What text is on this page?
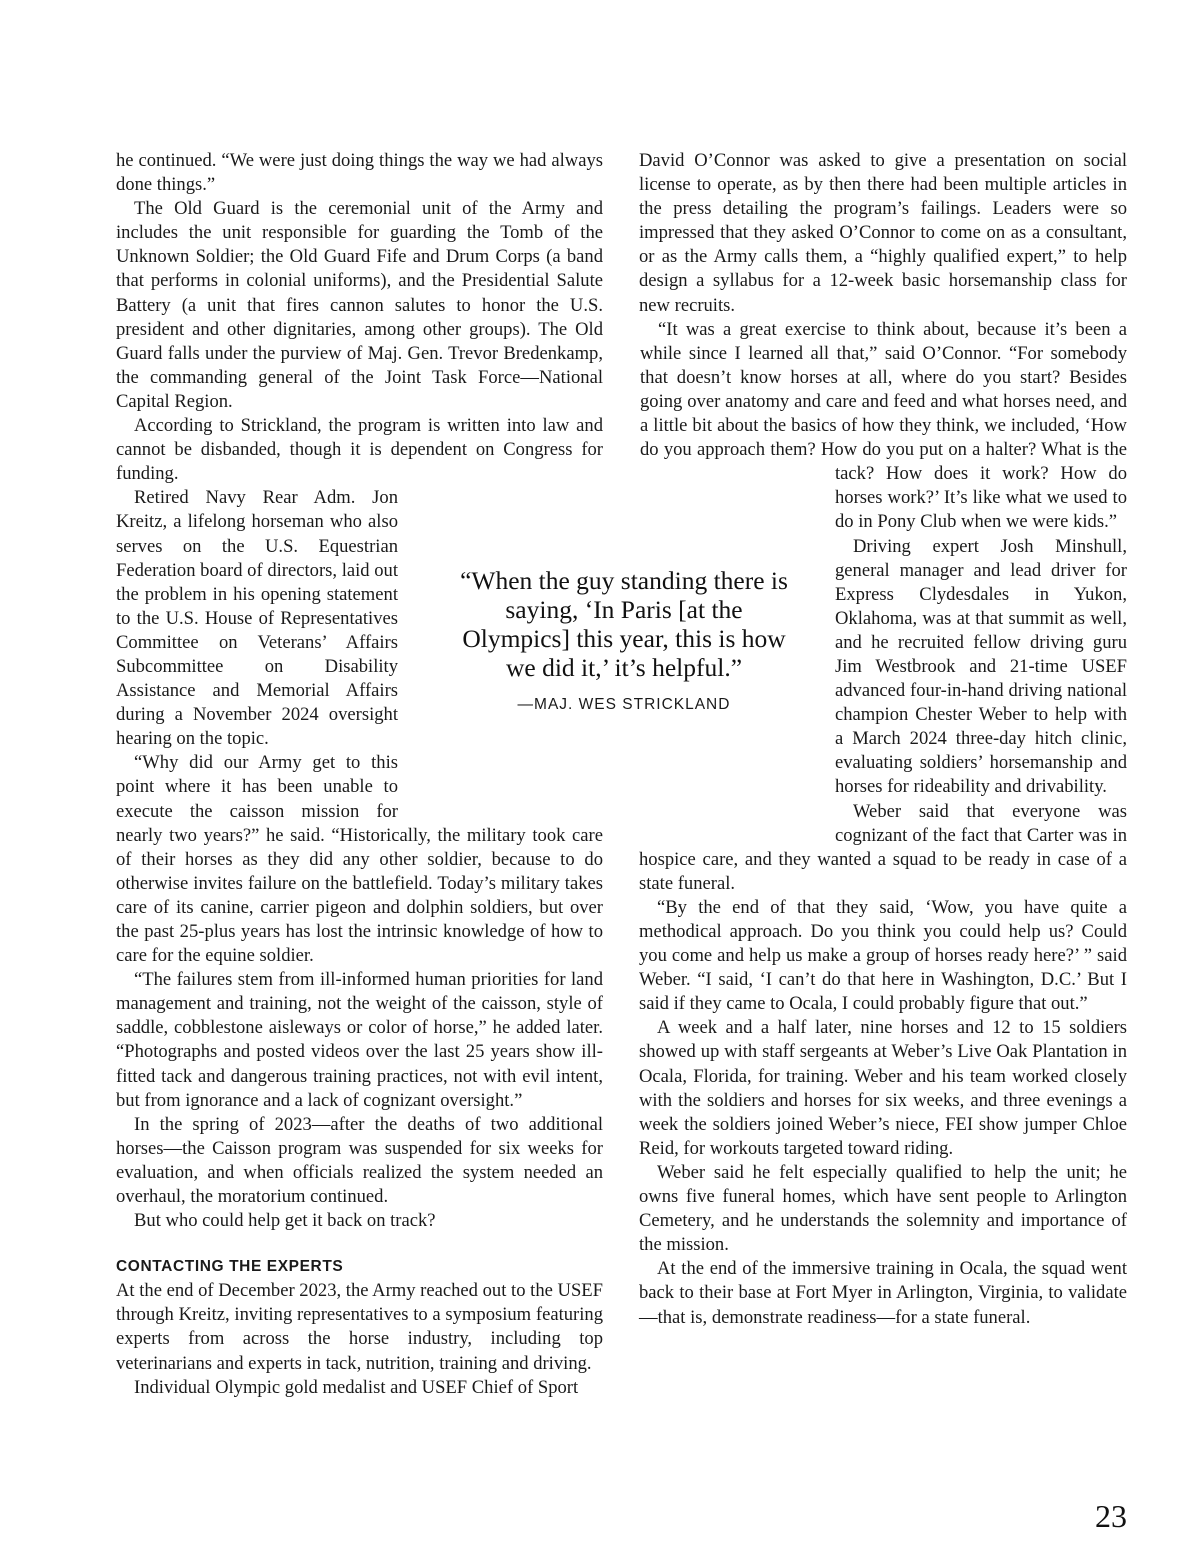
he continued. “We were just doing things the way we had always done things.”

The Old Guard is the ceremonial unit of the Army and includes the unit responsible for guarding the Tomb of the Unknown Soldier; the Old Guard Fife and Drum Corps (a band that performs in colonial uniforms), and the Presidential Salute Battery (a unit that fires cannon salutes to honor the U.S. president and other dignitaries, among other groups). The Old Guard falls under the purview of Maj. Gen. Trevor Bredenkamp, the commanding general of the Joint Task Force—National Capital Region.

According to Strickland, the program is written into law and cannot be disbanded, though it is dependent on Congress for funding.

Retired Navy Rear Adm. Jon Kreitz, a lifelong horseman who also serves on the U.S. Equestrian Federation board of directors, laid out the problem in his opening statement to the U.S. House of Representatives Committee on Veterans’ Affairs Subcommittee on Disability Assistance and Memorial Affairs during a November 2024 oversight hearing on the topic.

“Why did our Army get to this point where it has been unable to execute the caisson mission for nearly two years?” he said. “Historically, the military took care of their horses as they did any other soldier, because to do otherwise invites failure on the battlefield. Today’s military takes care of its canine, carrier pigeon and dolphin soldiers, but over the past 25-plus years has lost the intrinsic knowledge of how to care for the equine soldier.

“The failures stem from ill-informed human priorities for land management and training, not the weight of the caisson, style of saddle, cobblestone aisleways or color of horse,” he added later. “Photographs and posted videos over the last 25 years show ill-fitted tack and dangerous training practices, not with evil intent, but from ignorance and a lack of cognizant oversight.”

In the spring of 2023—after the deaths of two additional horses—the Caisson program was suspended for six weeks for evaluation, and when officials realized the system needed an overhaul, the moratorium continued.

But who could help get it back on track?

CONTACTING THE EXPERTS

At the end of December 2023, the Army reached out to the USEF through Kreitz, inviting representatives to a symposium featuring experts from across the horse industry, including top veterinarians and experts in tack, nutrition, training and driving.

Individual Olympic gold medalist and USEF Chief of Sport

David O’Connor was asked to give a presentation on social license to operate, as by then there had been multiple articles in the press detailing the program’s failings. Leaders were so impressed that they asked O’Connor to come on as a consultant, or as the Army calls them, a “highly qualified expert,” to help design a syllabus for a 12-week basic horsemanship class for new recruits.

“It was a great exercise to think about, because it’s been a while since I learned all that,” said O’Connor. “For somebody that doesn’t know horses at all, where do you start? Besides going over anatomy and care and feed and what horses need, and a little bit about the basics of how they think, we included, ‘How do you approach them? How do you put on a halter? What is the tack? How does it work? How do horses work?’ It’s like what we used to do in Pony Club when we were kids.”

Driving expert Josh Minshull, general manager and lead driver for Express Clydesdales in Yukon, Oklahoma, was at that summit as well, and he recruited fellow driving guru Jim Westbrook and 21-time USEF advanced four-in-hand driving national champion Chester Weber to help with a March 2024 three-day hitch clinic, evaluating soldiers’ horsemanship and horses for rideability and drivability.

Weber said that everyone was cognizant of the fact that Carter was in hospice care, and they wanted a squad to be ready in case of a state funeral.

“By the end of that they said, ‘Wow, you have quite a methodical approach. Do you think you could help us? Could you come and help us make a group of horses ready here?’ ” said Weber. “I said, ‘I can’t do that here in Washington, D.C.’ But I said if they came to Ocala, I could probably figure that out.”

A week and a half later, nine horses and 12 to 15 soldiers showed up with staff sergeants at Weber’s Live Oak Plantation in Ocala, Florida, for training. Weber and his team worked closely with the soldiers and horses for six weeks, and three evenings a week the soldiers joined Weber’s niece, FEI show jumper Chloe Reid, for workouts targeted toward riding.

Weber said he felt especially qualified to help the unit; he owns five funeral homes, which have sent people to Arlington Cemetery, and he understands the solemnity and importance of the mission.

At the end of the immersive training in Ocala, the squad went back to their base at Fort Myer in Arlington, Virginia, to validate—that is, demonstrate readiness—for a state funeral.

“When the guy standing there is saying, ‘In Paris [at the Olympics] this year, this is how we did it,’ it’s helpful.”

—MAJ. WES STRICKLAND
23
